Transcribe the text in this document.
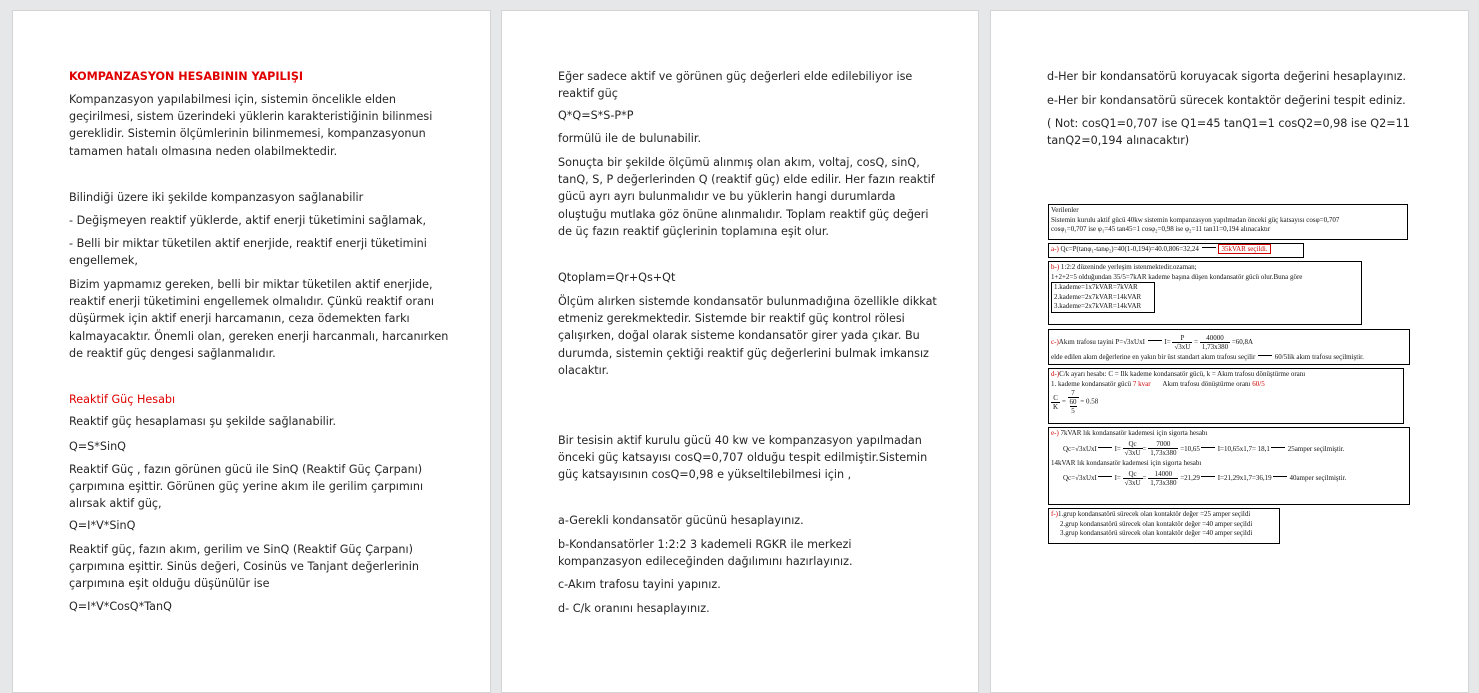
KOMPANZASYON HESABININ YAPILIŞI
Kompanzasyon yapılabilmesi için, sistemin öncelikle elden geçirilmesi, sistem üzerindeki yüklerin karakteristiğinin bilinmesi gereklidir. Sistemin ölçümlerinin bilinmemesi, kompanzasyonun tamamen hatalı olmasına neden olabilmektedir.
Bilindiği üzere iki şekilde kompanzasyon sağlanabilir
- Değişmeyen reaktif yüklerde, aktif enerji tüketimini sağlamak,
- Belli bir miktar tüketilen aktif enerjide, reaktif enerji tüketimini engellemek,
Bizim yapmamız gereken, belli bir miktar tüketilen aktif enerjide, reaktif enerji tüketimini engellemek olmalıdır. Çünkü reaktif oranı düşürmek için aktif enerji harcamanın, ceza ödemekten farkı kalmayacaktır. Önemli olan, gereken enerji harcanmalı, harcanırken de reaktif güç dengesi sağlanmalıdır.
Reaktif Güç Hesabı
Reaktif güç hesaplaması şu şekilde sağlanabilir.
Q=S*SinQ
Reaktif Güç , fazın görünen gücü ile SinQ (Reaktif Güç Çarpanı) çarpımına eşittir. Görünen güç yerine akım ile gerilim çarpımını alırsak aktif güç,
Q=I*V*SinQ
Reaktif güç, fazın akım, gerilim ve SinQ (Reaktif Güç Çarpanı) çarpımına eşittir. Sinüs değeri, Cosinüs ve Tanjant değerlerinin çarpımına eşit olduğu düşünülür ise
Q=I*V*CosQ*TanQ
Eğer sadece aktif ve görünen güç değerleri elde edilebiliyor ise reaktif güç
Q*Q=S*S-P*P
formülü ile de bulunabilir.
Sonuçta bir şekilde ölçümü alınmış olan akım, voltaj, cosQ, sinQ, tanQ, S, P değerlerinden Q (reaktif güç) elde edilir. Her fazın reaktif gücü ayrı ayrı bulunmalıdır ve bu yüklerin hangi durumlarda oluştuğu mutlaka göz önüne alınmalıdır. Toplam reaktif güç değeri de üç fazın reaktif güçlerinin toplamına eşit olur.
Qtoplam=Qr+Qs+Qt
Ölçüm alırken sistemde kondansatör bulunmadığına özellikle dikkat etmeniz gerekmektedir. Sistemde bir reaktif güç kontrol rölesi çalışırken, doğal olarak sisteme kondansatör girer yada çıkar. Bu durumda, sistemin çektiği reaktif güç değerlerini bulmak imkansız olacaktır.
Bir tesisin aktif kurulu gücü 40 kw ve kompanzasyon yapılmadan önceki güç katsayısı cosQ=0,707 olduğu tespit edilmiştir.Sistemin güç katsayısının cosQ=0,98 e yükseltilebilmesi için ,
a-Gerekli kondansatör gücünü hesaplayınız.
b-Kondansatörler 1:2:2 3 kademeli RGKR ile merkezi kompanzasyon edileceğinden dağılımını hazırlayınız.
c-Akım trafosu tayini yapınız.
d- C/k oranını hesaplayınız.
d-Her bir kondansatörü koruyacak sigorta değerini hesaplayınız.
e-Her bir kondansatörü sürecek kontaktör değerini tespit ediniz.
( Not: cosQ1=0,707 ise Q1=45 tanQ1=1 cosQ2=0,98 ise Q2=11 tanQ2=0,194 alınacaktır)
Verilenler
Sistemin kurulu aktif gücü 40kw sistemin kompanzasyon yapılmadan önceki güç katsayısı cosφ=0,707
cosφ₁=0,707 ise φ₁=45 tan45=1 cosφ₂=0,98 ise φ₂=11 tan11=0,194 alınacaktır
a-) Qc=P(tanφ₁-tanφ₂)=40(1-0,194)=40.0,806=32,24	35kVAR seçildi.
b-) 1:2:2 düzeninde yerleşim istenmektedir.ozaman;
1+2+2=5 olduğundan 35/5=7kAR kademe başına düşen kondansatör gücü olur.Buna göre
1.kademe=1x7kVAR=7kVAR
2.kademe=2x7kVAR=14kVAR
3.kademe=2x7kVAR=14kVAR
c-)Akım trafosu tayini P=√3xUxI	$I= \frac{P}{√3xU} = \frac{40000}{1,73x380} =60,8A$
elde edilen akım değerlerine en yakın bir üst standart akım trafosu seçilir	60/5lik akım trafosu seçilmiştir.
d-)C/k ayarı hesabı: C = Ilk kademe kondansatör gücü, k = Akım trafosu dönüştürme oranı
1. kademe kondansatör gücü 7 kvar Akım trafosu dönüştürme oranı 60/5
$\frac{C}{K} = 7$
60
5 = 0.58
e-) 7kVAR lık kondansatör kademesi için sigorta hesabı
Qc=√3xUxI	$I= \frac{Qc}{√3xU} = \frac{7000}{1,73x380} =10,65$	I=10,65x1,7= 18,1	25amper seçilmiştir.
14kVAR lık kondansatör kademesi için sigorta hesabı
Qc=√3xUxI	$I= \frac{Qc}{√3xU} = \frac{14000}{1,73x380} =21,29$	I=21,29x1,7=36,19	40amper seçilmiştir.
f-)1.grup kondansatörü sürecek olan kontaktör değer =25 amper seçildi
2.grup kondansatörü sürecek olan kontaktör değer =40 amper seçildi
3.grup kondansatörü sürecek olan kontaktör değer =40 amper seçildi
